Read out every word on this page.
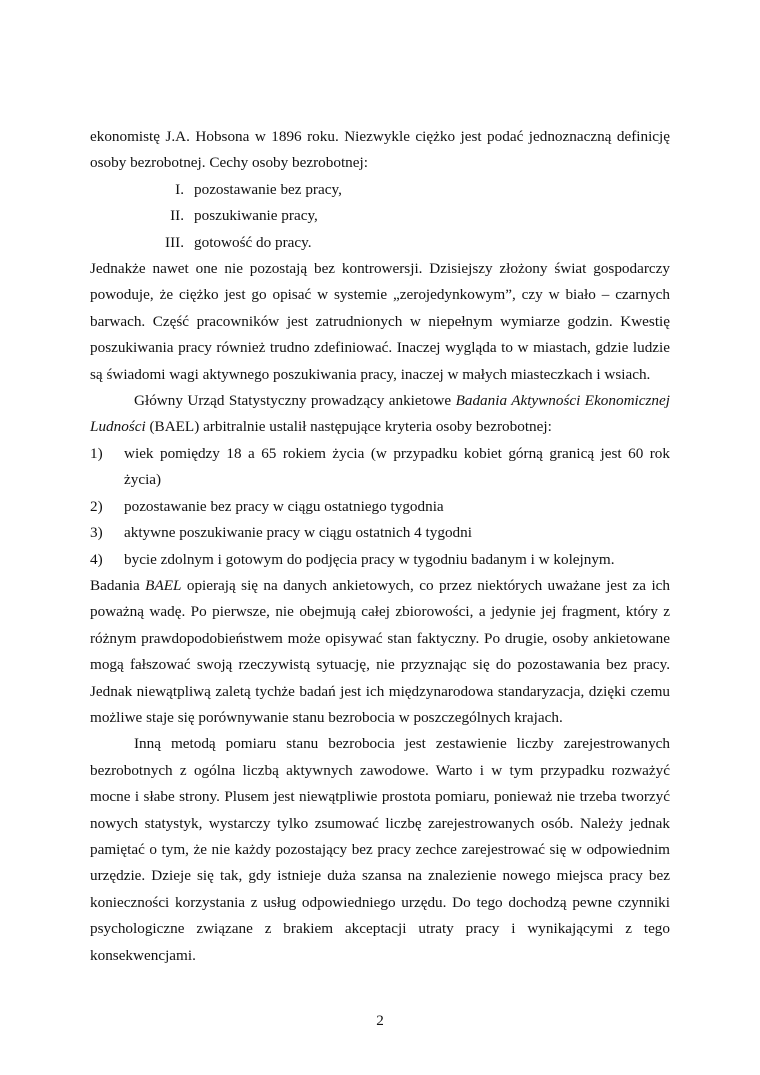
ekonomistę J.A. Hobsona w 1896 roku. Niezwykle ciężko jest podać jednoznaczną definicję osoby bezrobotnej. Cechy osoby bezrobotnej:

I. pozostawanie bez pracy,
II. poszukiwanie pracy,
III. gotowość do pracy.

Jednakże nawet one nie pozostają bez kontrowersji. Dzisiejszy złożony świat gospodarczy powoduje, że ciężko jest go opisać w systemie „zerojedynkowym”, czy w biało – czarnych barwach. Część pracowników jest zatrudnionych w niepełnym wymiarze godzin. Kwestię poszukiwania pracy również trudno zdefiniować. Inaczej wygląda to w miastach, gdzie ludzie są świadomi wagi aktywnego poszukiwania pracy, inaczej w małych miasteczkach i wsiach.

Główny Urząd Statystyczny prowadzący ankietowe Badania Aktywności Ekonomicznej Ludności (BAEL) arbitralnie ustalił następujące kryteria osoby bezrobotnej:

1)	wiek pomiędzy 18 a 65 rokiem życia (w przypadku kobiet górną granicą jest 60 rok życia)
2)	pozostawanie bez pracy w ciągu ostatniego tygodnia
3)	aktywne poszukiwanie pracy w ciągu ostatnich 4 tygodni
4)	bycie zdolnym i gotowym do podjęcia pracy w tygodniu badanym i w kolejnym.

Badania BAEL opierają się na danych ankietowych, co przez niektórych uważane jest za ich poważną wadę. Po pierwsze, nie obejmują całej zbiorowości, a jedynie jej fragment, który z różnym prawdopodobieństwem może opisywać stan faktyczny. Po drugie, osoby ankietowane mogą fałszować swoją rzeczywistą sytuację, nie przyznając się do pozostawania bez pracy. Jednak niewątpliwą zaletą tychże badań jest ich międzynarodowa standaryzacja, dzięki czemu możliwe staje się porównywanie stanu bezrobocia w poszczególnych krajach.

Inną metodą pomiaru stanu bezrobocia jest zestawienie liczby zarejestrowanych bezrobotnych z ogólna liczbą aktywnych zawodowe. Warto i w tym przypadku rozważyć mocne i słabe strony. Plusem jest niewątpliwie prostota pomiaru, ponieważ nie trzeba tworzyć nowych statystyk, wystarczy tylko zsumować liczbę zarejestrowanych osób. Należy jednak pamiętać o tym, że nie każdy pozostający bez pracy zechce zarejestrować się w odpowiednim urzędzie. Dzieje się tak, gdy istnieje duża szansa na znalezienie nowego miejsca pracy bez konieczności korzystania z usług odpowiedniego urzędu. Do tego dochodzą pewne czynniki psychologiczne związane z brakiem akceptacji utraty pracy i wynikającymi z tego konsekwencjami.

2
